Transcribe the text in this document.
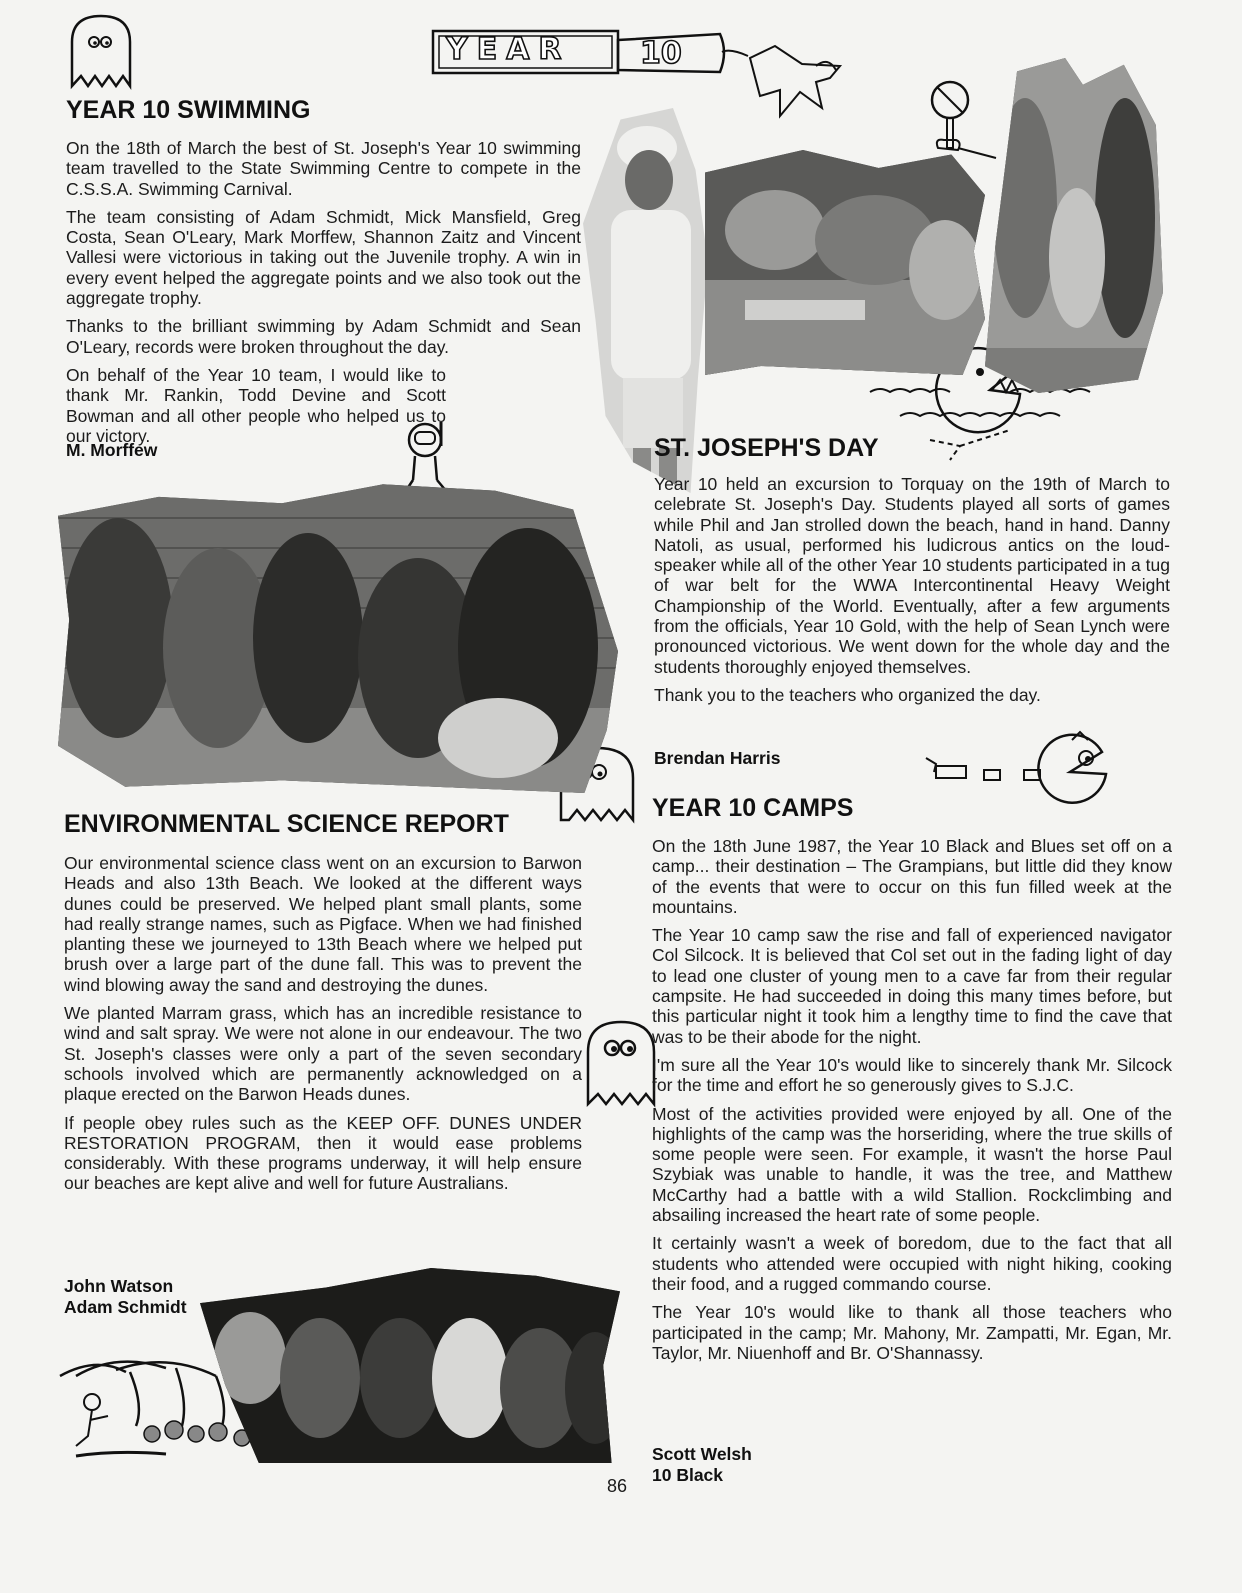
YEAR 10
YEAR 10 SWIMMING

On the 18th of March the best of St. Joseph's Year 10 swimming team travelled to the State Swimming Centre to compete in the C.S.S.A. Swimming Carnival.

The team consisting of Adam Schmidt, Mick Mansfield, Greg Costa, Sean O'Leary, Mark Morffew, Shannon Zaitz and Vincent Vallesi were victorious in taking out the Juvenile trophy. A win in every event helped the aggregate points and we also took out the aggregate trophy.

Thanks to the brilliant swimming by Adam Schmidt and Sean O'Leary, records were broken throughout the day.

On behalf of the Year 10 team, I would like to thank Mr. Rankin, Todd Devine and Scott Bowman and all other people who helped us to our victory.

M. Morffew	ST. JOSEPH'S DAY

Year 10 held an excursion to Torquay on the 19th of March to celebrate St. Joseph's Day. Students played all sorts of games while Phil and Jan strolled down the beach, hand in hand. Danny Natoli, as usual, performed his ludicrous antics on the loud-speaker while all of the other Year 10 students participated in a tug of war belt for the WWA Intercontinental Heavy Weight Championship of the World. Eventually, after a few arguments from the officials, Year 10 Gold, with the help of Sean Lynch were pronounced victorious. We went down for the whole day and the students thoroughly enjoyed themselves.

Thank you to the teachers who organized the day.

Brendan Harris

ENVIRONMENTAL SCIENCE REPORT

Our environmental science class went on an excursion to Barwon Heads and also 13th Beach. We looked at the different ways dunes could be preserved. We helped plant small plants, some had really strange names, such as Pigface. When we had finished planting these we journeyed to 13th Beach where we helped put brush over a large part of the dune fall. This was to prevent the wind blowing away the sand and destroying the dunes.

We planted Marram grass, which has an incredible resistance to wind and salt spray. We were not alone in our endeavour. The two St. Joseph's classes were only a part of the seven secondary schools involved which are permanently acknowledged on a plaque erected on the Barwon Heads dunes.

If people obey rules such as the KEEP OFF. DUNES UNDER RESTORATION PROGRAM, then it would ease problems considerably. With these programs underway, it will help ensure our beaches are kept alive and well for future Australians.

John Watson

Adam Schmidt

YEAR 10 CAMPS

On the 18th June 1987, the Year 10 Black and Blues set off on a camp... their destination – The Grampians, but little did they know of the events that were to occur on this fun filled week at the mountains.

The Year 10 camp saw the rise and fall of experienced navigator Col Silcock. It is believed that Col set out in the fading light of day to lead one cluster of young men to a cave far from their regular campsite. He had succeeded in doing this many times before, but this particular night it took him a lengthy time to find the cave that was to be their abode for the night.

I'm sure all the Year 10's would like to sincerely thank Mr. Silcock for the time and effort he so generously gives to S.J.C.

Most of the activities provided were enjoyed by all. One of the highlights of the camp was the horseriding, where the true skills of some people were seen. For example, it wasn't the horse Paul Szybiak was unable to handle, it was the tree, and Matthew McCarthy had a battle with a wild Stallion. Rockclimbing and absailing increased the heart rate of some people.

It certainly wasn't a week of boredom, due to the fact that all students who attended were occupied with night hiking, cooking their food, and a rugged commando course.

The Year 10's would like to thank all those teachers who participated in the camp; Mr. Mahony, Mr. Zampatti, Mr. Egan, Mr. Taylor, Mr. Niuenhoff and Br. O'Shannassy.

Scott Welsh

10 Black

86
